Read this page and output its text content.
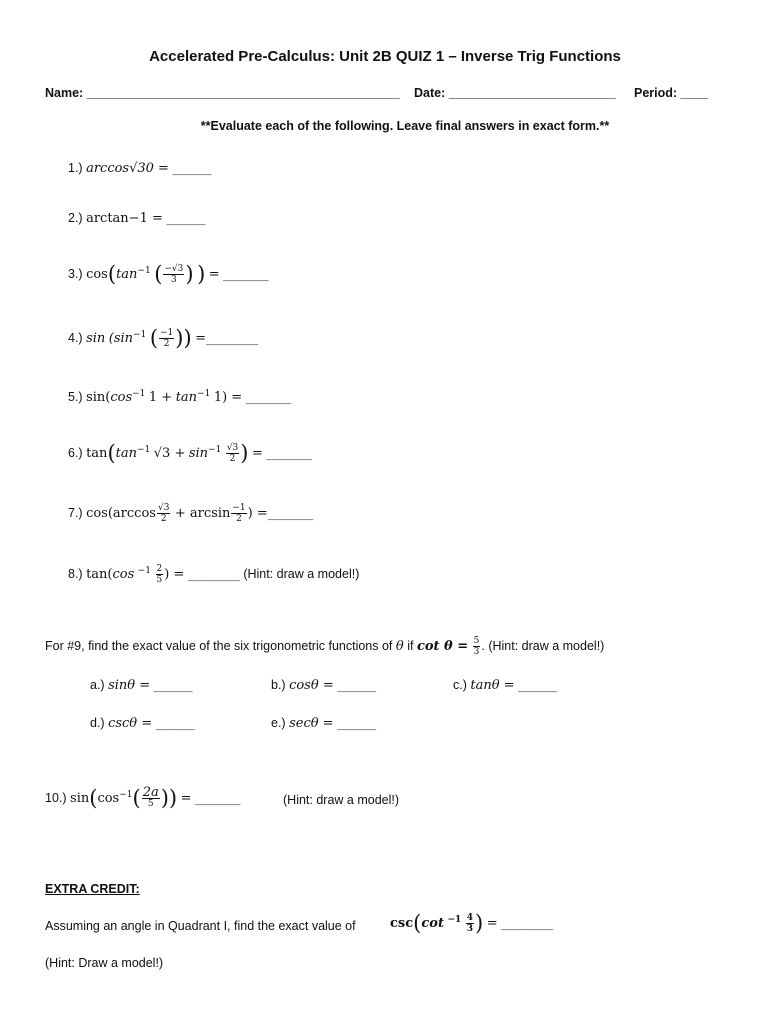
Accelerated Pre-Calculus: Unit 2B QUIZ 1 – Inverse Trig Functions
Name: _____________________________________________ Date: ________________________ Period: ____
**Evaluate each of the following. Leave final answers in exact form.**
1.) arccos√30 = ______
2.) arctan−1 = ______
3.) $\cos(\tan^{-1}$ ( $\frac{-√3}{3}$ ) ) = _______
4.) $\sin (\sin^{-1}$ ( $\frac{-1}{2}$ )) =________
5.) $\sin(\cos^{-1}$ $1 + \tan^{-1} 1$) = _______
6.) $\tan(\tan^{-1}$ $√3 + \sin^{-1} \frac{√3}{2}$ ) = _______
7.) $\cos(\arccos \frac{√3}{2} + \arcsin \frac{-1}{2}$ ) =_______
8.) tan(cos $^{-1} \frac{2}{5}$ ) = ________ (Hint: draw a model!)
For #9, find the exact value of the six trigonometric functions of θ if $\cot \theta = \frac{5}{3}$ . (Hint: draw a model!)
a.) sinθ = ______	b.) cosθ = ______	c.) tanθ = ______
d.) cscθ = ______	e.) secθ = ______
10.) $\sin(\cos^{-1}( \frac{2a}{5}$ )) = _______	(Hint: draw a model!)
EXTRA CREDIT:
Assuming an angle in Quadrant I, find the exact value of	csc(cot $^{-1} \frac{4}{3}$ ) = ________
(Hint: Draw a model!)
